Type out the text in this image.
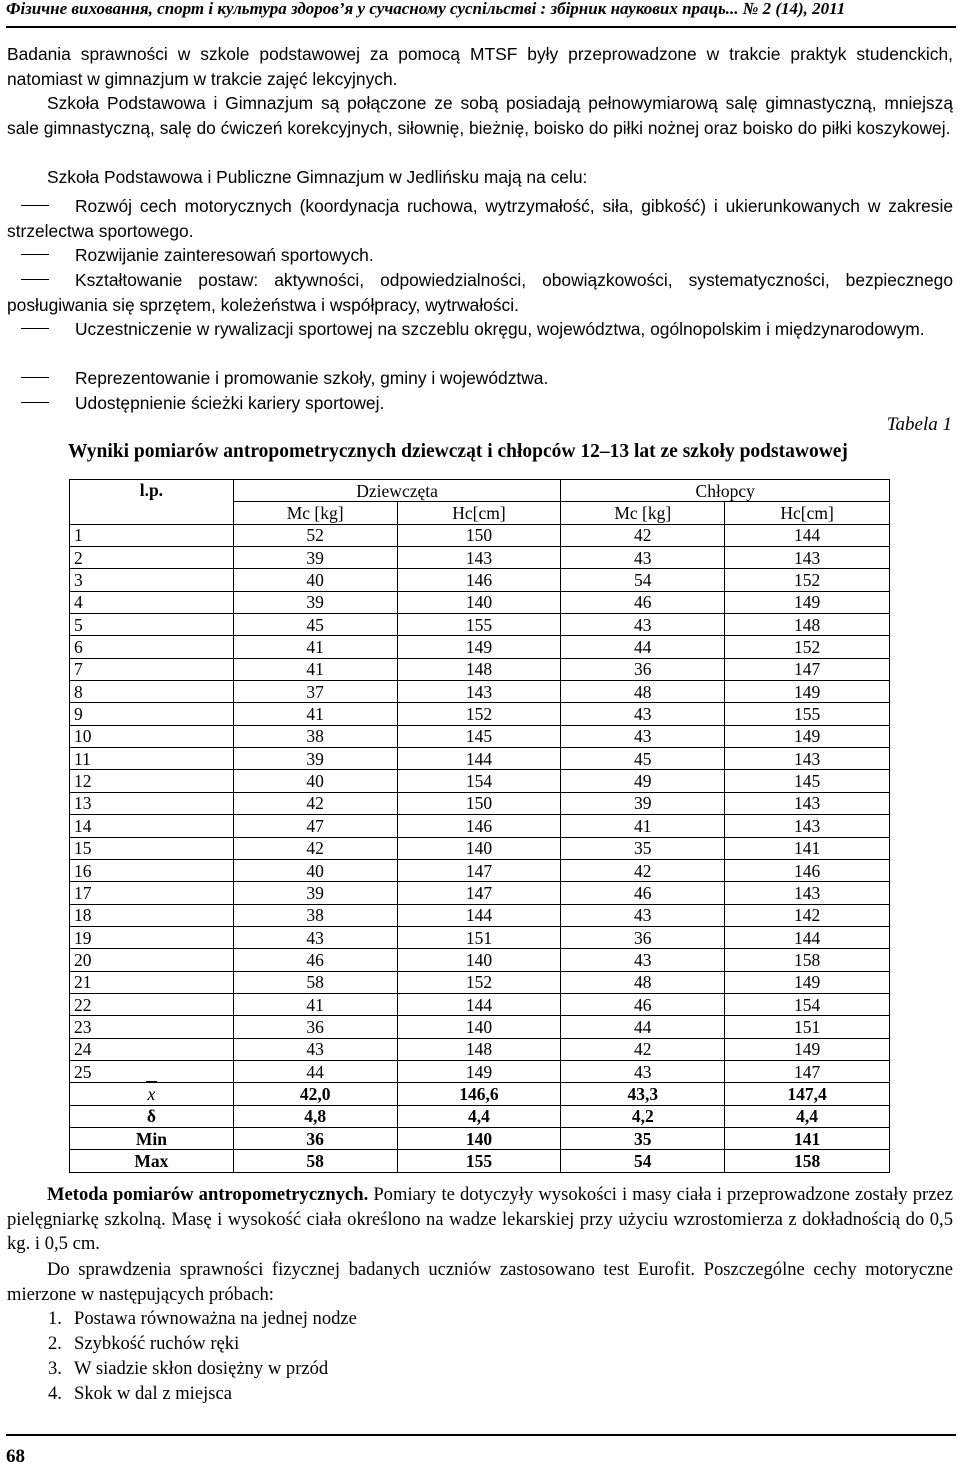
Фізичне виховання, спорт і культура здоров’я у сучасному суспільстві : збірник наукових праць... № 2 (14), 2011
Badania sprawności w szkole podstawowej za pomocą MTSF były przeprowadzone w trakcie praktyk studenckich, natomiast w gimnazjum w trakcie zajęć lekcyjnych.
Szkoła Podstawowa i Gimnazjum są połączone ze sobą posiadają pełnowymiarową salę gimnastyczną, mniejszą sale gimnastyczną, salę do ćwiczeń korekcyjnych, siłownię, bieżnię, boisko do piłki nożnej oraz boisko do piłki koszykowej.
Szkoła Podstawowa i Publiczne Gimnazjum w Jedlińsku mają na celu:
Rozwój cech motorycznych (koordynacja ruchowa, wytrzymałość, siła, gibkość) i ukierunkowanych w zakresie strzelectwa sportowego.
Rozwijanie zainteresowań sportowych.
Kształtowanie postaw: aktywności, odpowiedzialności, obowiązkowości, systematyczności, bezpiecznego posługiwania się sprzętem, koleżeństwa i współpracy, wytrwałości.
Uczestniczenie w rywalizacji sportowej na szczeblu okręgu, województwa, ogólnopolskim i międzynarodowym.
Reprezentowanie i promowanie szkoły, gminy i województwa.
Udostępnienie ścieżki kariery sportowej.
Tabela 1
Wyniki pomiarów antropometrycznych dziewcząt i chłopców 12–13 lat ze szkoły podstawowej
l.p.	Dziewczęta		Chłopcy	
	Mc [kg]	Hc[cm]	Mc [kg]	Hc[cm]
1	52	150	42	144
2	39	143	43	143
3	40	146	54	152
4	39	140	46	149
5	45	155	43	148
6	41	149	44	152
7	41	148	36	147
8	37	143	48	149
9	41	152	43	155
10	38	145	43	149
11	39	144	45	143
12	40	154	49	145
13	42	150	39	143
14	47	146	41	143
15	42	140	35	141
16	40	147	42	146
17	39	147	46	143
18	38	144	43	142
19	43	151	36	144
20	46	140	43	158
21	58	152	48	149
22	41	144	46	154
23	36	140	44	151
24	43	148	42	149
25	44	149	43	147
x	42,0	146,6	43,3	147,4
δ	4,8	4,4	4,2	4,4
Min	36	140	35	141
Max	58	155	54	158
Metoda pomiarów antropometrycznych. Pomiary te dotyczyły wysokości i masy ciała i przeprowadzone zostały przez pielęgniarkę szkolną. Masę i wysokość ciała określono na wadze lekarskiej przy użyciu wzrostomierza z dokładnością do 0,5 kg. i 0,5 cm.
Do sprawdzenia sprawności fizycznej badanych uczniów zastosowano test Eurofit. Poszczególne cechy motoryczne mierzone w następujących próbach:
1. Postawa równoważna na jednej nodze
2. Szybkość ruchów ręki
3. W siadzie skłon dosiężny w przód
4. Skok w dal z miejsca
68
